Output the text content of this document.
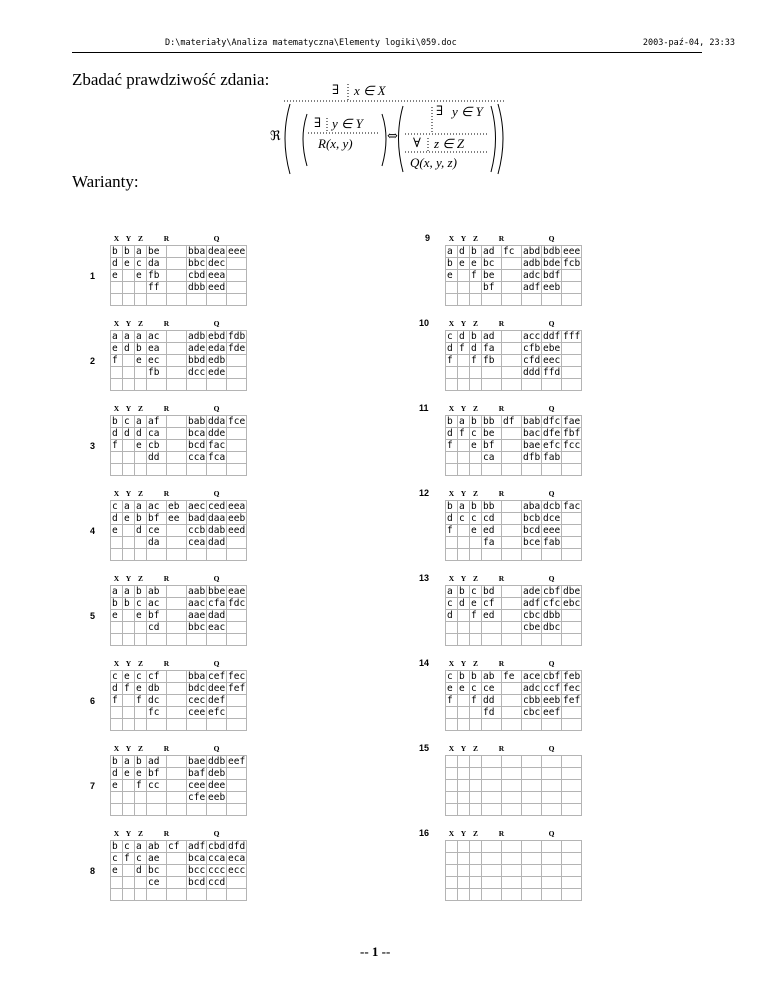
D:\materiały\Analiza matematyczna\Elementy logiki\059.doc	2003-paź-04, 23:33
Zbadać prawdziwość zdania:
∃ x ∈ X
ℜ
∃ y ∈ Y
R(x, y)	⇔
∃ y ∈ Y
∀ z ∈ Z
Q(x, y, z)
Warianty:
1
X	Y	Z	R		Q		
b	b	a	be		bba	dea	eee
d	e	c	da		bbc	dec	
e		e	fb		cbd	eea	
			ff		dbb	eed	

2
X	Y	Z	R		Q		
a	a	a	ac		adb	ebd	fdb
e	d	b	ea		ade	eda	fde
f		e	ec		bbd	edb	
			fb		dcc	ede	

3
X	Y	Z	R		Q		
b	c	a	af		bab	dda	fce
d	d	d	ca		bca	dde	
f		e	cb		bcd	fac	
			dd		cca	fca	

4
X	Y	Z	R		Q		
c	a	a	ac	eb	aec	ced	eea
d	e	b	bf	ee	bad	daa	eeb
e		d	ce		ccb	dab	eed
			da		cea	dad	

5
X	Y	Z	R		Q		
a	a	b	ab		aab	bbe	eae
b	b	c	ac		aac	cfa	fdc
e		e	bf		aae	dad	
			cd		bbc	eac	

6
X	Y	Z	R		Q		
c	e	c	cf		bba	cef	fec
d	f	e	db		bdc	dee	fef
f		f	dc		cec	def	
			fc		cee	efc	

7
X	Y	Z	R		Q		
b	a	b	ad		bae	ddb	eef
d	e	e	bf		baf	deb	
e		f	cc		cee	dee	
					cfe	eeb	

8
X	Y	Z	R		Q		
b	c	a	ab	cf	adf	cbd	dfd
c	f	c	ae		bca	cca	eca
e		d	bc		bcc	ccc	ecc
			ce		bcd	ccd	

9	X	Y	Z	R		Q		
a	d	b	ad	fc	abd	bdb	eee
b	e	e	bc		adb	bde	fcb
e		f	be		adc	bdf	
			bf		adf	eeb	

10	X	Y	Z	R		Q		
c	d	b	ad		acc	ddf	fff
d	f	d	fa		cfb	ebe	
f		f	fb		cfd	eec	
					ddd	ffd	

11	X	Y	Z	R		Q		
b	a	b	bb	df	bab	dfc	fae
d	f	c	be		bac	dfe	fbf
f		e	bf		bae	efc	fcc
			ca		dfb	fab	

12	X	Y	Z	R		Q		
b	a	b	bb		aba	dcb	fac
d	c	c	cd		bcb	dce	
f		e	ed		bcd	eee	
			fa		bce	fab	

13	X	Y	Z	R		Q		
a	b	c	bd		ade	cbf	dbe
c	d	e	cf		adf	cfc	ebc
d		f	ed		cbc	dbb	
					cbe	dbc	

14	X	Y	Z	R		Q		
c	b	b	ab	fe	ace	cbf	feb
e	e	c	ce		adc	ccf	fec
f		f	dd		cbb	eeb	fef
			fd		cbc	eef	

15	X	Y	Z	R		Q		

16	X	Y	Z	R		Q		

-- 1 --
